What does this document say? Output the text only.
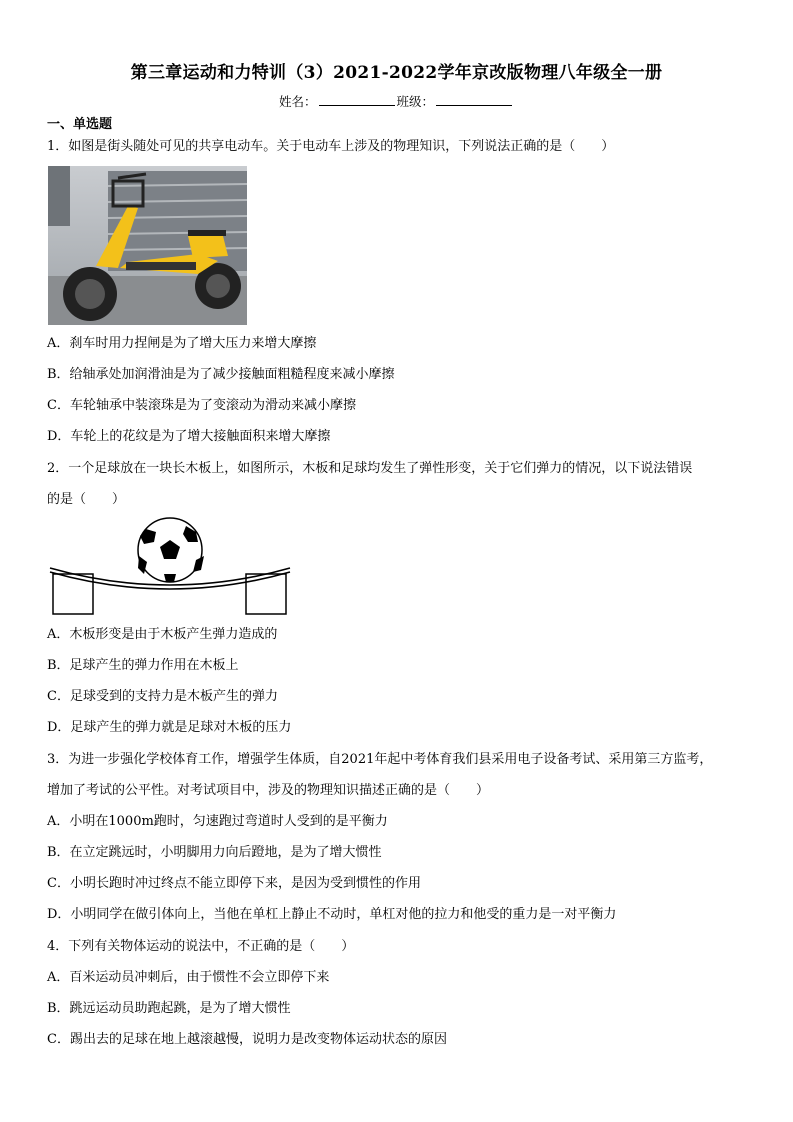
第三章运动和力特训（3）2021-2022学年京改版物理八年级全一册
姓名：	班级：
一、单选题
1．如图是街头随处可见的共享电动车。关于电动车上涉及的物理知识，下列说法正确的是（　　）
A．刹车时用力捏闸是为了增大压力来增大摩擦
B．给轴承处加润滑油是为了减少接触面粗糙程度来减小摩擦
C．车轮轴承中装滚珠是为了变滚动为滑动来减小摩擦
D．车轮上的花纹是为了增大接触面积来增大摩擦
2．一个足球放在一块长木板上，如图所示，木板和足球均发生了弹性形变，关于它们弹力的情况，以下说法错误
的是（　　）
A．木板形变是由于木板产生弹力造成的
B．足球产生的弹力作用在木板上
C．足球受到的支持力是木板产生的弹力
D．足球产生的弹力就是足球对木板的压力
3．为进一步强化学校体育工作，增强学生体质，自2021年起中考体育我们县采用电子设备考试、采用第三方监考，
增加了考试的公平性。对考试项目中，涉及的物理知识描述正确的是（　　）
A．小明在1000m跑时，匀速跑过弯道时人受到的是平衡力
B．在立定跳远时，小明脚用力向后蹬地，是为了增大惯性
C．小明长跑时冲过终点不能立即停下来，是因为受到惯性的作用
D．小明同学在做引体向上，当他在单杠上静止不动时，单杠对他的拉力和他受的重力是一对平衡力
4．下列有关物体运动的说法中，不正确的是（　　）
A．百米运动员冲刺后，由于惯性不会立即停下来
B．跳远运动员助跑起跳，是为了增大惯性
C．踢出去的足球在地上越滚越慢，说明力是改变物体运动状态的原因
